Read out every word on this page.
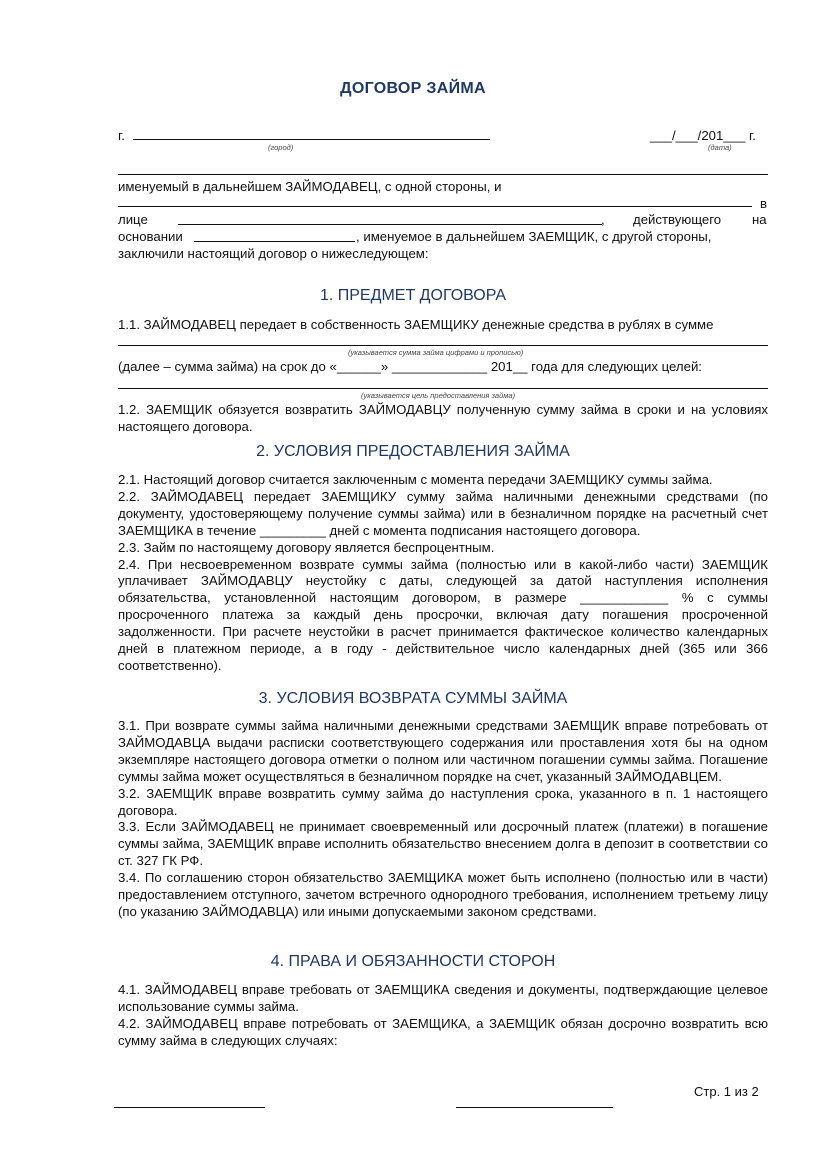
ДОГОВОР ЗАЙМА
г.
(город)
___/___/201___ г.
(дата)
именуемый в дальнейшем ЗАЙМОДАВЕЦ, с одной стороны, и
в
лице	, действующего на
основании	, именуемое в дальнейшем ЗАЕМЩИК, с другой стороны,
заключили настоящий договор о нижеследующем:
1. ПРЕДМЕТ ДОГОВОРА
1.1. ЗАЙМОДАВЕЦ передает в собственность ЗАЕМЩИКУ денежные средства в рублях в сумме
(указывается сумма займа цифрами и прописью)
(далее – сумма займа) на срок до «______» _____________ 201__ года для следующих целей:
(указывается цель предоставления займа)

1.2. ЗАЕМЩИК обязуется возвратить ЗАЙМОДАВЦУ полученную сумму займа в сроки и на условиях настоящего договора.

2. УСЛОВИЯ ПРЕДОСТАВЛЕНИЯ ЗАЙМА

2.1. Настоящий договор считается заключенным с момента передачи ЗАЕМЩИКУ суммы займа.

2.2. ЗАЙМОДАВЕЦ передает ЗАЕМЩИКУ сумму займа наличными денежными средствами (по документу, удостоверяющему получение суммы займа) или в безналичном порядке на расчетный счет ЗАЕМЩИКА в течение _________ дней с момента подписания настоящего договора.

2.3. Займ по настоящему договору является беспроцентным.

2.4. При несвоевременном возврате суммы займа (полностью или в какой-либо части) ЗАЕМЩИК уплачивает ЗАЙМОДАВЦУ неустойку с даты, следующей за датой наступления исполнения обязательства, установленной настоящим договором, в размере ____________ % с суммы просроченного платежа за каждый день просрочки, включая дату погашения просроченной задолженности. При расчете неустойки в расчет принимается фактическое количество календарных дней в платежном периоде, а в году - действительное число календарных дней (365 или 366 соответственно).

3. УСЛОВИЯ ВОЗВРАТА СУММЫ ЗАЙМА

3.1. При возврате суммы займа наличными денежными средствами ЗАЕМЩИК вправе потребовать от ЗАЙМОДАВЦА выдачи расписки соответствующего содержания или проставления хотя бы на одном экземпляре настоящего договора отметки о полном или частичном погашении суммы займа. Погашение суммы займа может осуществляться в безналичном порядке на счет, указанный ЗАЙМОДАВЦЕМ.

3.2. ЗАЕМЩИК вправе возвратить сумму займа до наступления срока, указанного в п. 1 настоящего договора.

3.3. Если ЗАЙМОДАВЕЦ не принимает своевременный или досрочный платеж (платежи) в погашение суммы займа, ЗАЕМЩИК вправе исполнить обязательство внесением долга в депозит в соответствии со ст. 327 ГК РФ.

3.4. По соглашению сторон обязательство ЗАЕМЩИКА может быть исполнено (полностью или в части) предоставлением отступного, зачетом встречного однородного требования, исполнением третьему лицу (по указанию ЗАЙМОДАВЦА) или иными допускаемыми законом средствами.

4. ПРАВА И ОБЯЗАННОСТИ СТОРОН

4.1. ЗАЙМОДАВЕЦ вправе требовать от ЗАЕМЩИКА сведения и документы, подтверждающие целевое использование суммы займа.

4.2. ЗАЙМОДАВЕЦ вправе потребовать от ЗАЕМЩИКА, а ЗАЕМЩИК обязан досрочно возвратить всю сумму займа в следующих случаях:

Стр. 1 из 2
